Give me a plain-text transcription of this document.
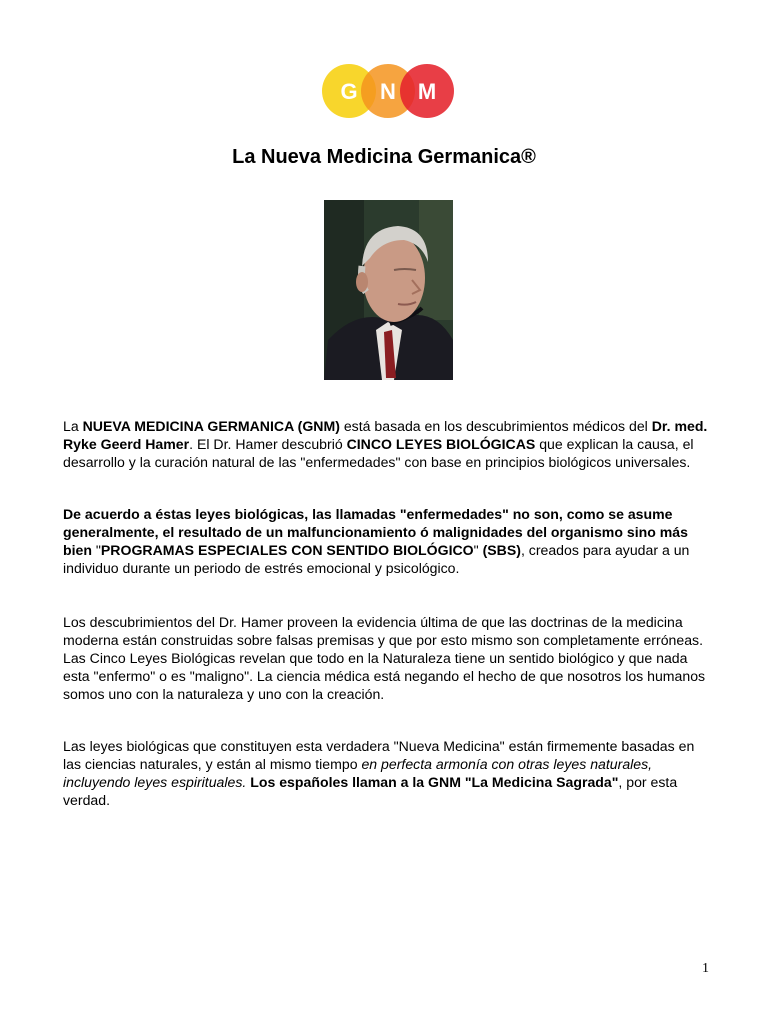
G N M
La Nueva Medicina Germanica®

La NUEVA MEDICINA GERMANICA (GNM) está basada en los descubrimientos médicos del Dr. med. Ryke Geerd Hamer. El Dr. Hamer descubrió CINCO LEYES BIOLÓGICAS que explican la causa, el desarrollo y la curación natural de las "enfermedades" con base en principios biológicos universales.

De acuerdo a éstas leyes biológicas, las llamadas "enfermedades" no son, como se asume generalmente, el resultado de un malfuncionamiento ó malignidades del organismo sino más bien "PROGRAMAS ESPECIALES CON SENTIDO BIOLÓGICO" (SBS), creados para ayudar a un individuo durante un periodo de estrés emocional y psicológico.

Los descubrimientos del Dr. Hamer proveen la evidencia última de que las doctrinas de la medicina moderna están construidas sobre falsas premisas y que por esto mismo son completamente erróneas. Las Cinco Leyes Biológicas revelan que todo en la Naturaleza tiene un sentido biológico y que nada esta "enfermo" o es "maligno". La ciencia médica está negando el hecho de que nosotros los humanos somos uno con la naturaleza y uno con la creación.

Las leyes biológicas que constituyen esta verdadera "Nueva Medicina" están firmemente basadas en las ciencias naturales, y están al mismo tiempo en perfecta armonía con otras leyes naturales, incluyendo leyes espirituales. Los españoles llaman a la GNM "La Medicina Sagrada", por esta verdad.

1
